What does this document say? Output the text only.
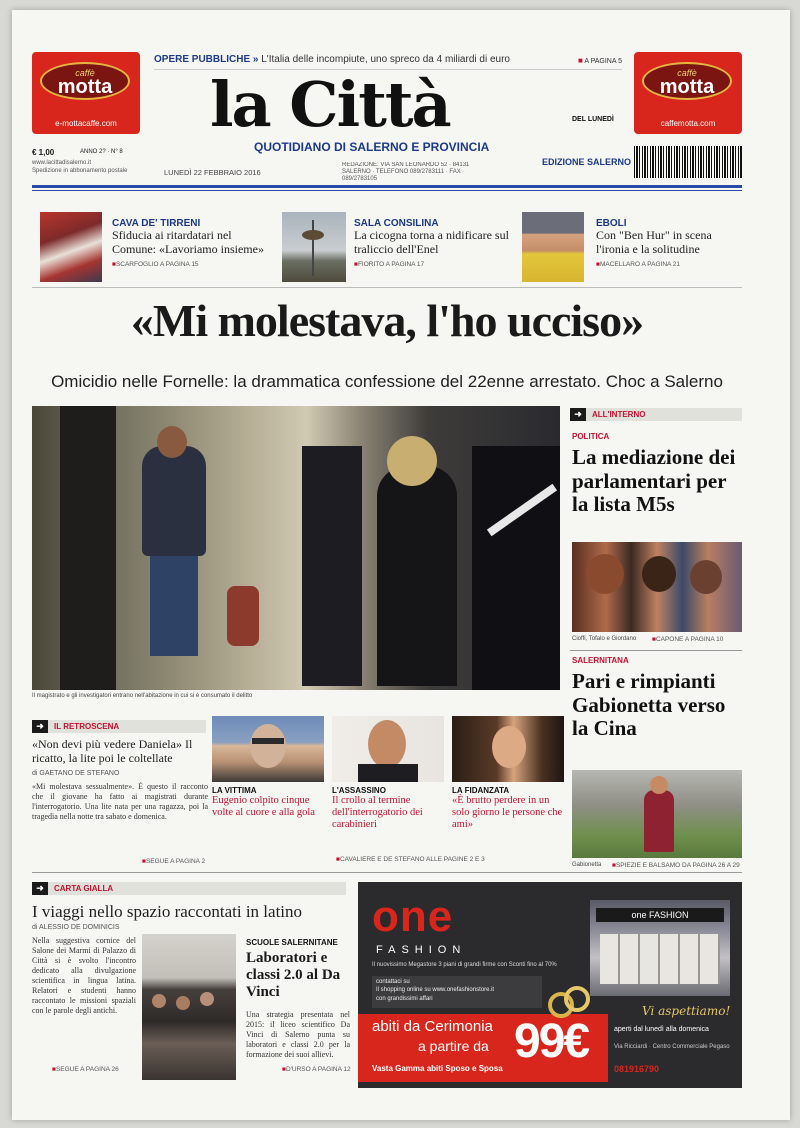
caffè
motta
e-mottacaffe.com
caffè
motta
caffemotta.com
OPERE PUBBLICHE » L'Italia delle incompiute, uno spreco da 4 miliardi di euro	■ A PAGINA 5
la Città	DEL LUNEDÌ
QUOTIDIANO DI SALERNO E PROVINCIA
EDIZIONE SALERNO
€ 1,00	ANNO 2? · N° 8
www.lacittadisalerno.it
Spedizione in abbonamento postale	LUNEDÌ 22 FEBBRAIO 2016
REDAZIONE: VIA SAN LEONARDO 52 · 84131 SALERNO · TELEFONO 089/2783111 · FAX 089/2783105
CAVA DE' TIRRENI
Sfiducia ai ritardatari nel Comune: «Lavoriamo insieme»
■ SCARFOGLIO A PAGINA 15
SALA CONSILINA
La cicogna torna a nidificare sul traliccio dell'Enel
■ FIORITO A PAGINA 17
EBOLI
Con "Ben Hur" in scena l'ironia e la solitudine
■ MACELLARO A PAGINA 21
«Mi molestava, l'ho ucciso»
Omicidio nelle Fornelle: la drammatica confessione del 22enne arrestato. Choc a Salerno
Il magistrato e gli investigatori entrano nell'abitazione in cui si è consumato il delitto
➜	ALL'INTERNO
POLITICA
La mediazione dei parlamentari per la lista M5s
Cioffi, Tofalo e Giordano	■ CAPONE A PAGINA 10
SALERNITANA
Pari e rimpianti Gabionetta verso la Cina
Gabionetta	■ SPIEZIE E BALSAMO DA PAGINA 26 A 29
➜	IL RETROSCENA
«Non devi più vedere Daniela» Il ricatto, la lite poi le coltellate
di GAETANO DE STEFANO
«Mi molestava sessualmente». È questo il racconto che il giovane ha fatto ai magistrati durante l'interrogatorio. Una lite nata per una ragazza, poi la tragedia nella notte tra sabato e domenica.
■ SEGUE A PAGINA 2
LA VITTIMA
Eugenio colpito cinque volte al cuore e alla gola
L'ASSASSINO
Il crollo al termine dell'interrogatorio dei carabinieri
LA FIDANZATA
«È brutto perdere in un solo giorno le persone che ami»
■ CAVALIERE E DE STEFANO ALLE PAGINE 2 E 3
➜	CARTA GIALLA
I viaggi nello spazio raccontati in latino
di ALESSIO DE DOMINICIS
Nella suggestiva cornice del Salone dei Marmi di Palazzo di Città si è svolto l'incontro dedicato alla divulgazione scientifica in lingua latina. Relatori e studenti hanno raccontato le missioni spaziali con le parole degli antichi.
■ SEGUE A PAGINA 26
SCUOLE SALERNITANE
Laboratori e classi 2.0 al Da Vinci
Una strategia presentata nel 2015: il liceo scientifico Da Vinci di Salerno punta su laboratori e classi 2.0 per la formazione dei suoi allievi.
■ D'URSO A PAGINA 12
one
FASHION
Il nuovissimo Megastore 3 piani di grandi firme con Sconti fino al 70%
contattaci su
Il shopping online su www.onefashionstore.it
con grandissimi affari
abiti da Cerimonia
a partire da 99€
Vasta Gamma abiti Sposo e Sposa
one FASHION
Vi aspettiamo!
aperti dal lunedì alla domenica
Via Ricciardi · Centro Commerciale Pegaso
081916790
